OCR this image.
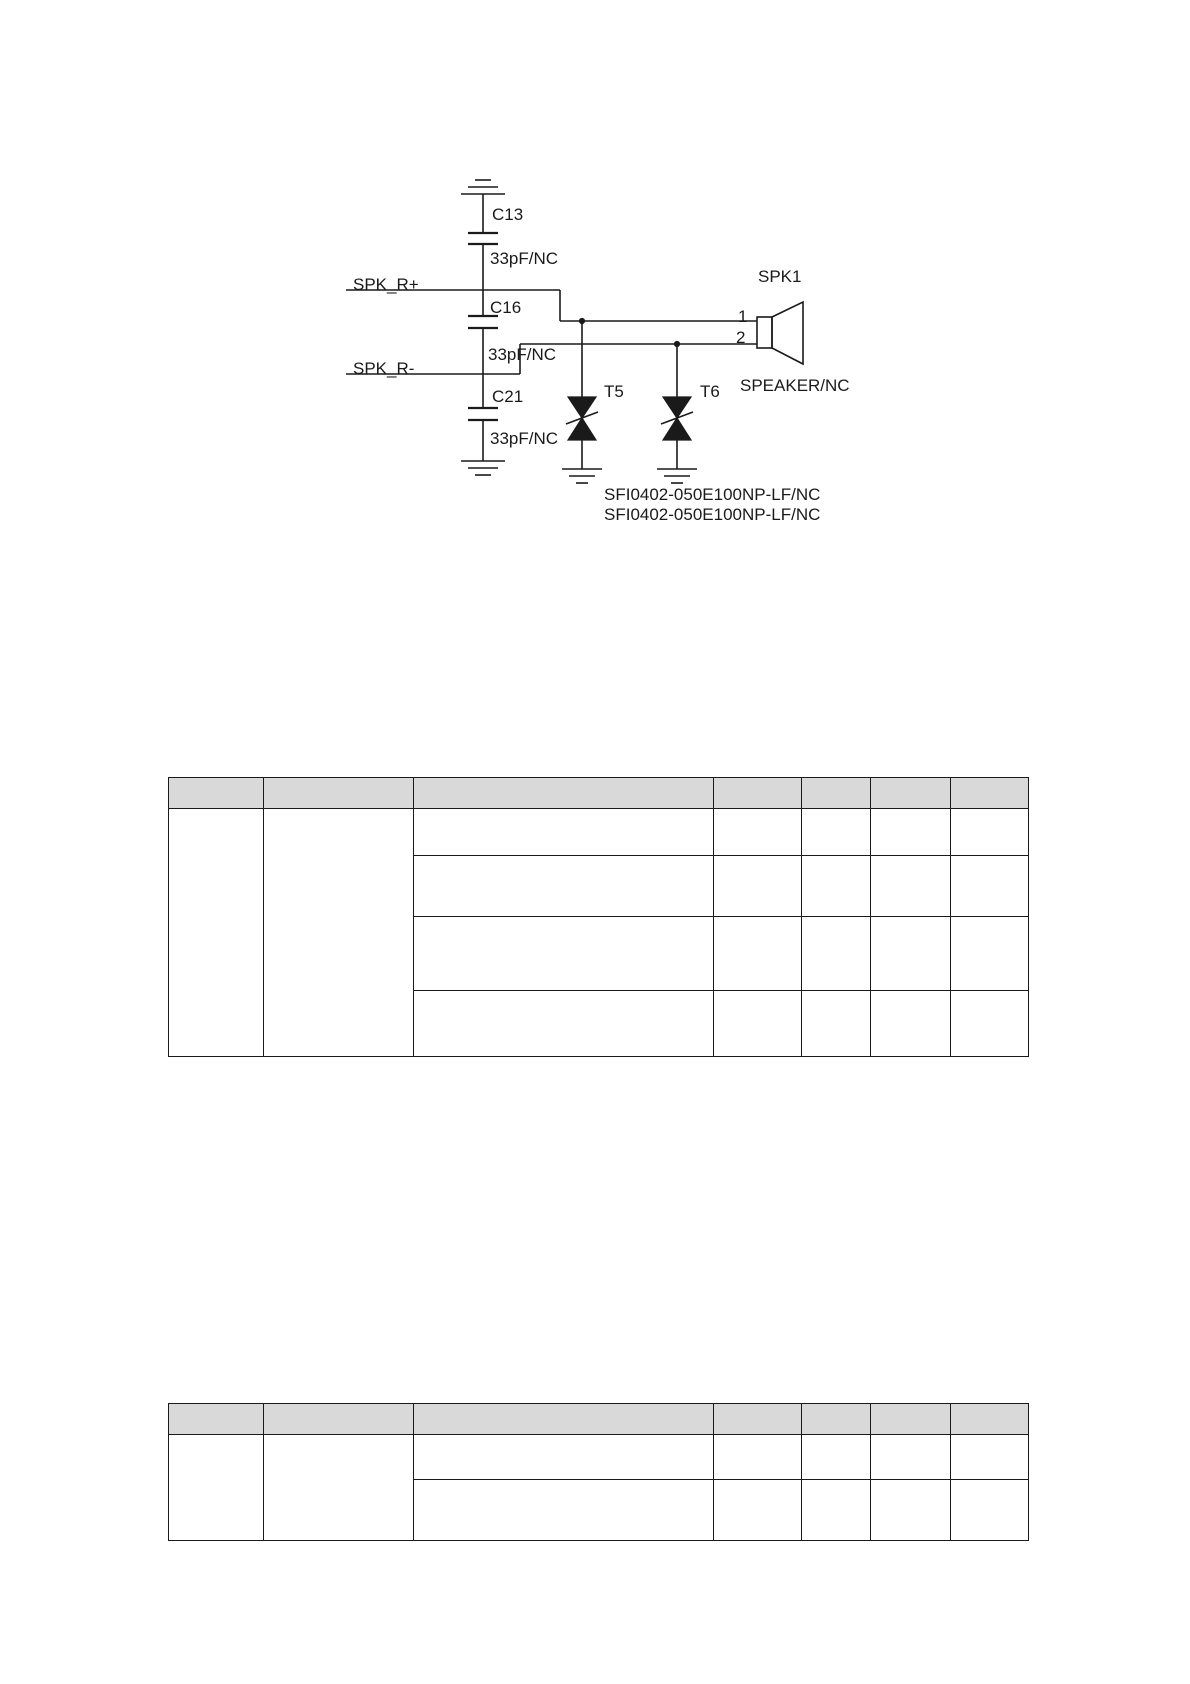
C13
33pF/NC
C16
33pF/NC
C21
33pF/NC
SPK_R+
SPK_R-
SPK1
1
2
SPEAKER/NC
T5	T6
SFI0402-050E100NP-LF/NC
SFI0402-050E100NP-LF/NC
